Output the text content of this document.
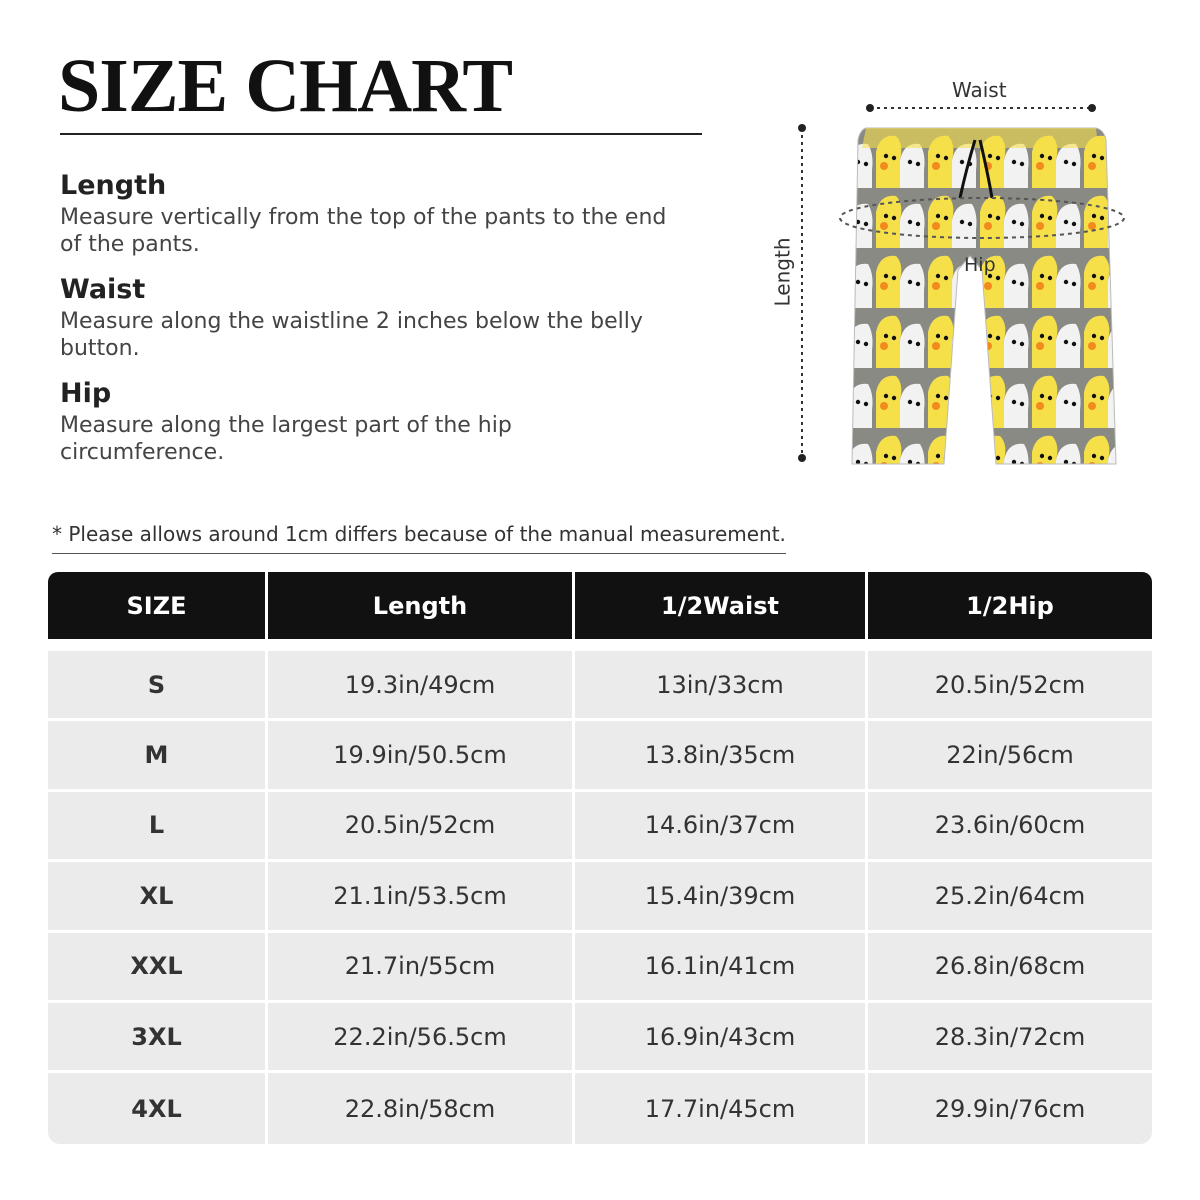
SIZE CHART
Length
Measure vertically from the top of the pants to the end of the pants.
Waist
Measure along the waistline 2 inches below the belly button.
Hip
Measure along the largest part of the hip circumference.
Waist
Length	Hip
* Please allows around 1cm differs because of the manual measurement.
SIZE	Length	1/2Waist	1/2Hip
S	19.3in/49cm	13in/33cm	20.5in/52cm
M	19.9in/50.5cm	13.8in/35cm	22in/56cm
L	20.5in/52cm	14.6in/37cm	23.6in/60cm
XL	21.1in/53.5cm	15.4in/39cm	25.2in/64cm
XXL	21.7in/55cm	16.1in/41cm	26.8in/68cm
3XL	22.2in/56.5cm	16.9in/43cm	28.3in/72cm
4XL	22.8in/58cm	17.7in/45cm	29.9in/76cm
